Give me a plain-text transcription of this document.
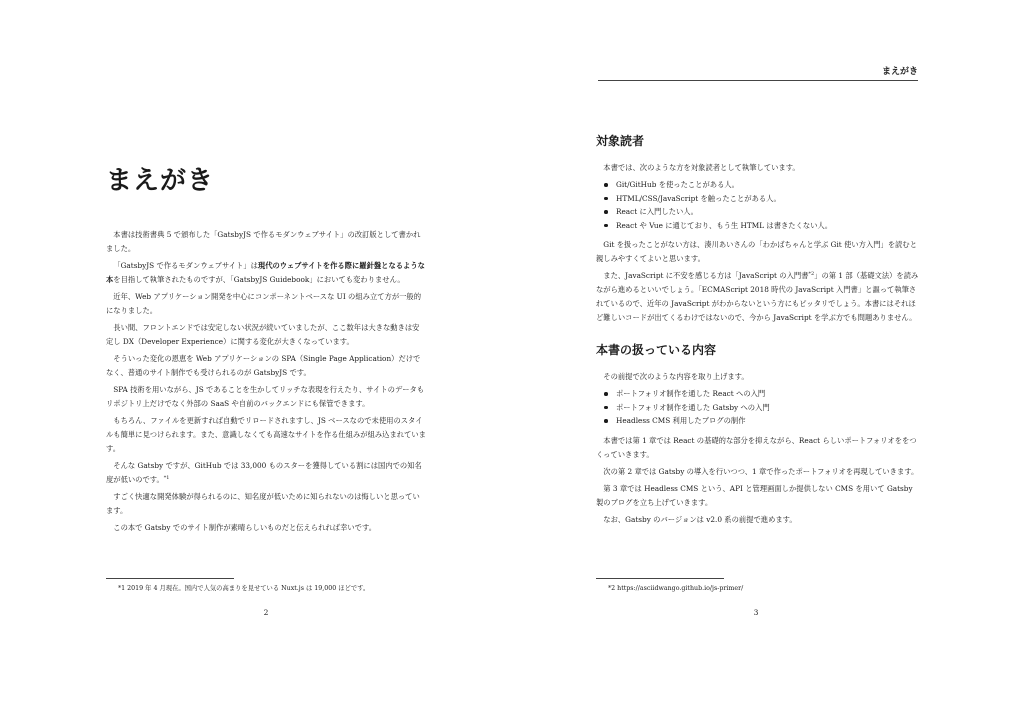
まえがき

本書は技術書典 5 で頒布した「GatsbyJS で作るモダンウェブサイト」の改訂版として書かれました。

「GatsbyJS で作るモダンウェブサイト」は現代のウェブサイトを作る際に羅針盤となるような本を目指して執筆されたものですが、「GatsbyJS Guidebook」においても変わりません。

近年、Web アプリケーション開発を中心にコンポーネントベースな UI の組み立て方が一般的になりました。

長い間、フロントエンドでは安定しない状況が続いていましたが、ここ数年は大きな動きは安定し DX（Developer Experience）に関する変化が大きくなっています。

そういった変化の恩恵を Web アプリケーションの SPA（Single Page Application）だけでなく、普通のサイト制作でも受けられるのが GatsbyJS です。

SPA 技術を用いながら、JS であることを生かしてリッチな表現を行えたり、サイトのデータもリポジトリ上だけでなく外部の SaaS や自前のバックエンドにも保管できます。

もちろん、ファイルを更新すれば自動でリロードされますし、JS ベースなので未使用のスタイルも簡単に見つけられます。また、意識しなくても高速なサイトを作る仕組みが組み込まれています。

そんな Gatsby ですが、GitHub では 33,000 ものスターを獲得している割には国内での知名度が低いのです。$^{*1}$

すごく快適な開発体験が得られるのに、知名度が低いために知られないのは悔しいと思っています。

この本で Gatsby でのサイト制作が素晴らしいものだと伝えられれば幸いです。

*1 2019 年 4 月現在。国内で人気の高まりを見せている Nuxt.js は 19,000 ほどです。
2
まえがき
対象読者

本書では、次のような方を対象読者として執筆しています。

Git/GitHub を使ったことがある人。
HTML/CSS/JavaScript を触ったことがある人。
React に入門したい人。
React や Vue に通じており、もう生 HTML は書きたくない人。

Git を扱ったことがない方は、湊川あいさんの「わかばちゃんと学ぶ Git 使い方入門」を読むと親しみやすくてよいと思います。

また、JavaScript に不安を感じる方は「JavaScript の入門書$^{*2}$」の第 1 部（基礎文法）を読みながら進めるといいでしょう。「ECMAScript 2018 時代の JavaScript 入門書」と謳って執筆されているので、近年の JavaScript がわからないという方にもピッタリでしょう。本書にはそれほど難しいコードが出てくるわけではないので、今から JavaScript を学ぶ方でも問題ありません。

本書の扱っている内容

その前提で次のような内容を取り上げます。

ポートフォリオ制作を通した React への入門
ポートフォリオ制作を通した Gatsby への入門
Headless CMS 利用したブログの制作

本書では第 1 章では React の基礎的な部分を抑えながら、React らしいポートフォリオををつくっていきます。

次の第 2 章では Gatsby の導入を行いつつ、1 章で作ったポートフォリオを再現していきます。

第 3 章では Headless CMS という、API と管理画面しか提供しない CMS を用いて Gatsby 製のブログを立ち上げていきます。

なお、Gatsby のバージョンは v2.0 系の前提で進めます。

*2 https://asciidwango.github.io/js-primer/
3
